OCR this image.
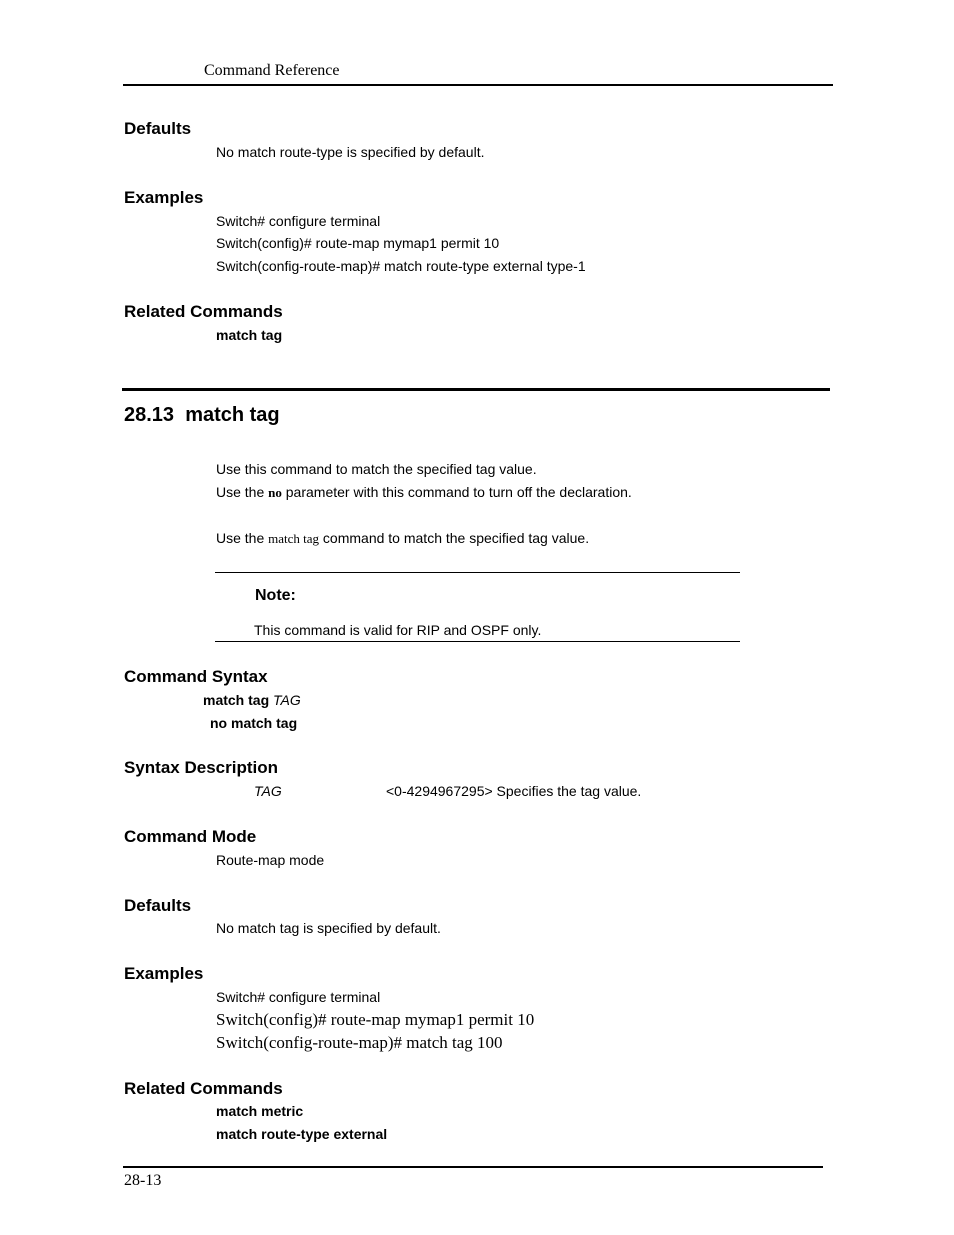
Command Reference
Defaults
No match route-type is specified by default.
Examples
Switch# configure terminal
Switch(config)# route-map mymap1 permit 10
Switch(config-route-map)# match route-type external type-1
Related Commands
match tag
28.13 match tag
Use this command to match the specified tag value.
Use the no parameter with this command to turn off the declaration.
Use the match tag command to match the specified tag value.
Note:
This command is valid for RIP and OSPF only.
Command Syntax
match tag TAG
no match tag
Syntax Description
TAG	<0-4294967295> Specifies the tag value.
Command Mode
Route-map mode
Defaults
No match tag is specified by default.
Examples
Switch# configure terminal
Switch(config)# route-map mymap1 permit 10
Switch(config-route-map)# match tag 100
Related Commands
match metric
match route-type external
28-13
